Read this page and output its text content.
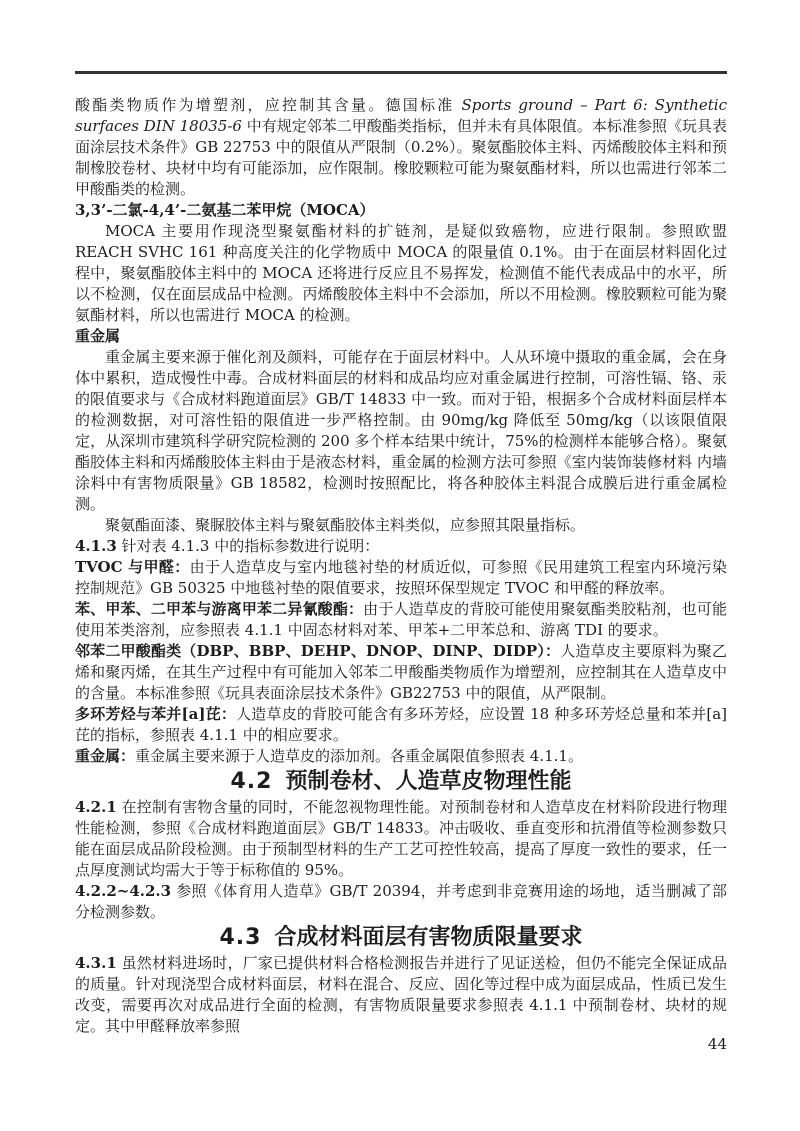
酸酯类物质作为增塑剂，应控制其含量。德国标准 Sports ground – Part 6: Synthetic surfaces DIN 18035-6 中有规定邻苯二甲酸酯类指标，但并未有具体限值。本标准参照《玩具表面涂层技术条件》GB 22753 中的限值从严限制（0.2%）。聚氨酯胶体主料、丙烯酸胶体主料和预制橡胶卷材、块材中均有可能添加，应作限制。橡胶颗粒可能为聚氨酯材料，所以也需进行邻苯二甲酸酯类的检测。

3,3’-二氯-4,4’-二氨基二苯甲烷（MOCA）

MOCA 主要用作现浇型聚氨酯材料的扩链剂，是疑似致癌物，应进行限制。参照欧盟 REACH SVHC 161 种高度关注的化学物质中 MOCA 的限量值 0.1%。由于在面层材料固化过程中，聚氨酯胶体主料中的 MOCA 还将进行反应且不易挥发，检测值不能代表成品中的水平，所以不检测，仅在面层成品中检测。丙烯酸胶体主料中不会添加，所以不用检测。橡胶颗粒可能为聚氨酯材料，所以也需进行 MOCA 的检测。

重金属

重金属主要来源于催化剂及颜料，可能存在于面层材料中。人从环境中摄取的重金属，会在身体中累积，造成慢性中毒。合成材料面层的材料和成品均应对重金属进行控制，可溶性镉、铬、汞的限值要求与《合成材料跑道面层》GB/T 14833 中一致。而对于铅，根据多个合成材料面层样本的检测数据，对可溶性铅的限值进一步严格控制。由 90mg/kg 降低至 50mg/kg（以该限值限定，从深圳市建筑科学研究院检测的 200 多个样本结果中统计，75%的检测样本能够合格）。聚氨酯胶体主料和丙烯酸胶体主料由于是液态材料，重金属的检测方法可参照《室内装饰装修材料 内墙涂料中有害物质限量》GB 18582，检测时按照配比，将各种胶体主料混合成膜后进行重金属检测。

聚氨酯面漆、聚脲胶体主料与聚氨酯胶体主料类似，应参照其限量指标。

4.1.3 针对表 4.1.3 中的指标参数进行说明：

TVOC 与甲醛：由于人造草皮与室内地毯衬垫的材质近似，可参照《民用建筑工程室内环境污染控制规范》GB 50325 中地毯衬垫的限值要求，按照环保型规定 TVOC 和甲醛的释放率。

苯、甲苯、二甲苯与游离甲苯二异氰酸酯：由于人造草皮的背胶可能使用聚氨酯类胶粘剂，也可能使用苯类溶剂，应参照表 4.1.1 中固态材料对苯、甲苯+二甲苯总和、游离 TDI 的要求。

邻苯二甲酸酯类（DBP、BBP、DEHP、DNOP、DINP、DIDP）：人造草皮主要原料为聚乙烯和聚丙烯，在其生产过程中有可能加入邻苯二甲酸酯类物质作为增塑剂，应控制其在人造草皮中的含量。本标准参照《玩具表面涂层技术条件》GB22753 中的限值，从严限制。

多环芳烃与苯并[a]芘：人造草皮的背胶可能含有多环芳烃，应设置 18 种多环芳烃总量和苯并[a]芘的指标，参照表 4.1.1 中的相应要求。

重金属：重金属主要来源于人造草皮的添加剂。各重金属限值参照表 4.1.1。

4.2 预制卷材、人造草皮物理性能

4.2.1 在控制有害物含量的同时，不能忽视物理性能。对预制卷材和人造草皮在材料阶段进行物理性能检测，参照《合成材料跑道面层》GB/T 14833。冲击吸收、垂直变形和抗滑值等检测参数只能在面层成品阶段检测。由于预制型材料的生产工艺可控性较高，提高了厚度一致性的要求，任一点厚度测试均需大于等于标称值的 95%。

4.2.2~4.2.3 参照《体育用人造草》GB/T 20394，并考虑到非竞赛用途的场地，适当删减了部分检测参数。

4.3 合成材料面层有害物质限量要求

4.3.1 虽然材料进场时，厂家已提供材料合格检测报告并进行了见证送检，但仍不能完全保证成品的质量。针对现浇型合成材料面层，材料在混合、反应、固化等过程中成为面层成品，性质已发生改变，需要再次对成品进行全面的检测，有害物质限量要求参照表 4.1.1 中预制卷材、块材的规定。其中甲醛释放率参照

44
